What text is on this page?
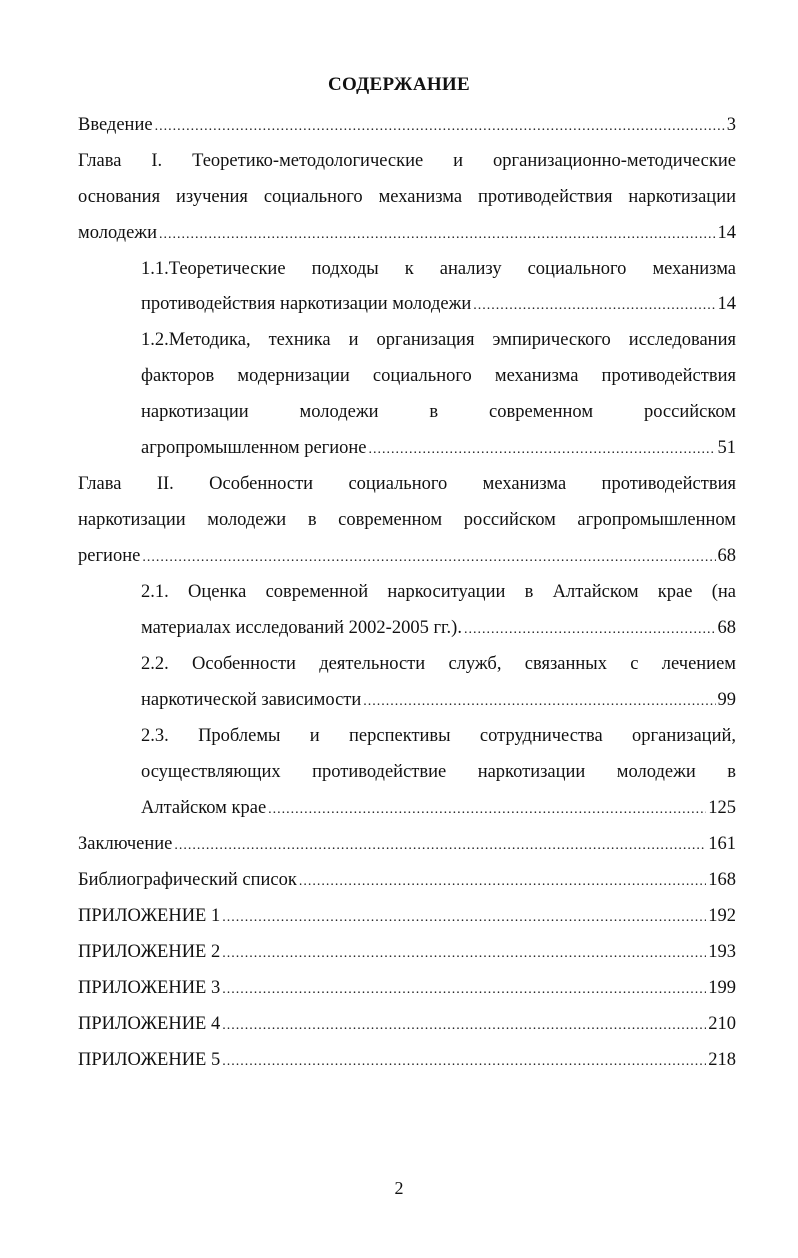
СОДЕРЖАНИЕ
Введение .....	3
Глава I. Теоретико-методологические и организационно-методические
основания изучения социального механизма противодействия наркотизации
молодежи .....	14
1.1.Теоретические подходы к анализу социального механизма
противодействия наркотизации молодежи .....	14
1.2.Методика, техника и организация эмпирического исследования
факторов модернизации социального механизма противодействия
наркотизации молодежи в современном российском
агропромышленном регионе .....	51
Глава II. Особенности социального механизма противодействия
наркотизации молодежи в современном российском агропромышленном
регионе .....	68
2.1. Оценка современной наркоситуации в Алтайском крае (на
материалах исследований 2002-2005 гг.). .....	68
2.2. Особенности деятельности служб, связанных с лечением
наркотической зависимости .....	99
2.3. Проблемы и перспективы сотрудничества организаций,
осуществляющих противодействие наркотизации молодежи в
Алтайском крае .....	125
Заключение .....	161
Библиографический список .....	168
ПРИЛОЖЕНИЕ 1 .....	192
ПРИЛОЖЕНИЕ 2 .....	193
ПРИЛОЖЕНИЕ 3 .....	199
ПРИЛОЖЕНИЕ 4 .....	210
ПРИЛОЖЕНИЕ 5 .....	218
2
